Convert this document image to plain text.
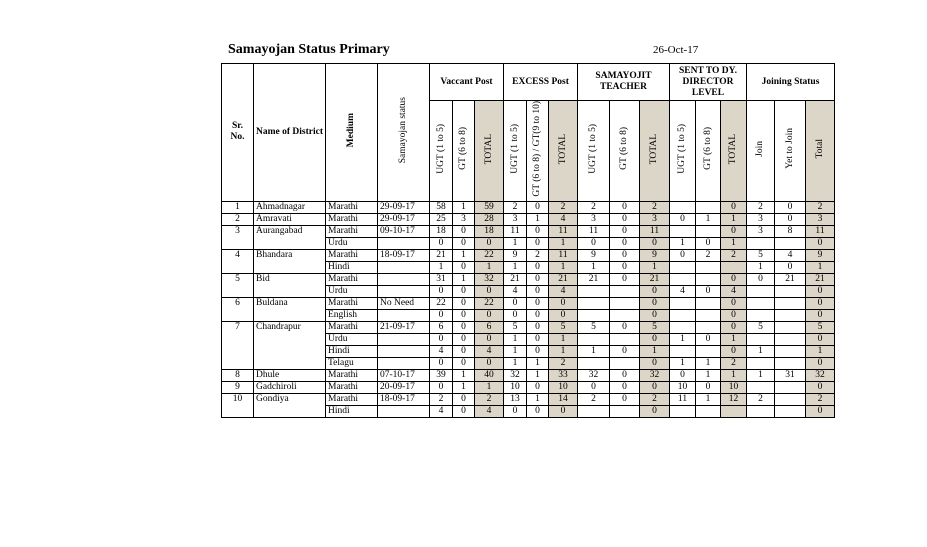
Samayojan Status Primary	26-Oct-17
Sr. No.	Name of District	Medium	Samayojan status	Vaccant Post			EXCESS Post			SAMAYOJIT TEACHER			SENT TO DY. DIRECTOR LEVEL			Joining Status		
				UGT (1 to 5)	GT (6 to 8)	TOTAL	UGT (1 to 5)	GT (6 to 8) / GT(9 to 10)	TOTAL	UGT (1 to 5)	GT (6 to 8)	TOTAL	UGT (1 to 5)	GT (6 to 8)	TOTAL	Join	Yet to Join	Total
1	Ahmadnagar	Marathi	29-09-17	58	1	59	2	0	2	2	0	2			0	2	0	2
2	Amravati	Marathi	29-09-17	25	3	28	3	1	4	3	0	3	0	1	1	3	0	3
3	Aurangabad	Marathi	09-10-17	18	0	18	11	0	11	11	0	11			0	3	8	11
		Urdu		0	0	0	1	0	1	0	0	0	1	0	1			0
4	Bhandara	Marathi	18-09-17	21	1	22	9	2	11	9	0	9	0	2	2	5	4	9
		Hindi		1	0	1	1	0	1	1	0	1				1	0	1
5	Bid	Marathi		31	1	32	21	0	21	21	0	21			0	0	21	21
		Urdu		0	0	0	4	0	4			0	4	0	4			0
6	Buldana	Marathi	No Need	22	0	22	0	0	0			0			0			0
		English		0	0	0	0	0	0			0			0			0
7	Chandrapur	Marathi	21-09-17	6	0	6	5	0	5	5	0	5			0	5		5
		Urdu		0	0	0	1	0	1			0	1	0	1			0
		Hindi		4	0	4	1	0	1	1	0	1			0	1		1
		Telagu		0	0	0	1	1	2			0	1	1	2			0
8	Dhule	Marathi	07-10-17	39	1	40	32	1	33	32	0	32	0	1	1	1	31	32
9	Gadchiroli	Marathi	20-09-17	0	1	1	10	0	10	0	0	0	10	0	10			0
10	Gondiya	Marathi	18-09-17	2	0	2	13	1	14	2	0	2	11	1	12	2		2
		Hindi		4	0	4	0	0	0			0						0
